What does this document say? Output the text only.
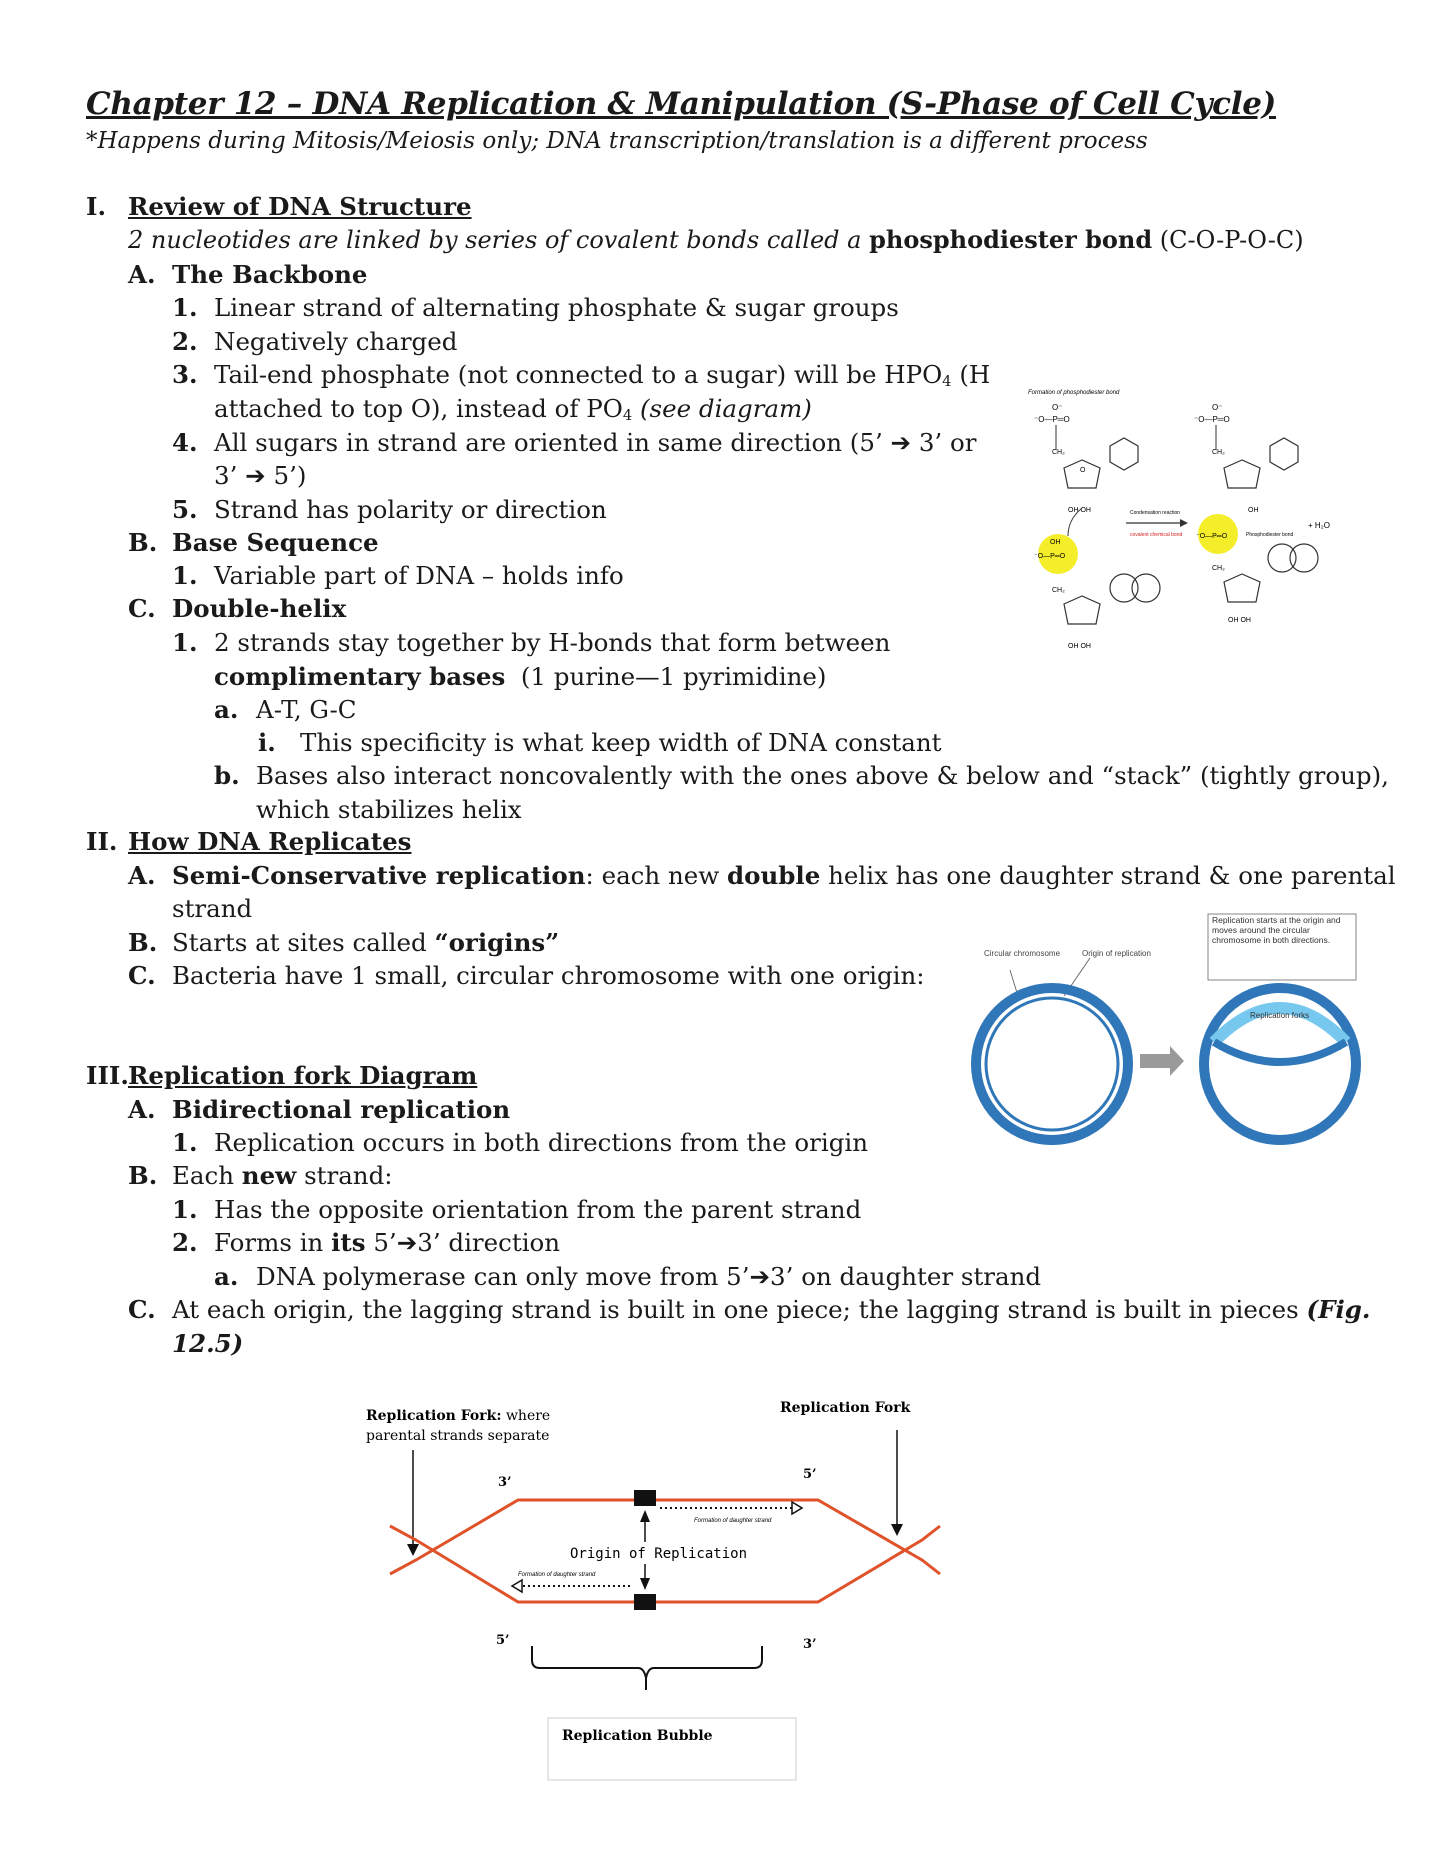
Chapter 12 – DNA Replication & Manipulation (S-Phase of Cell Cycle)
*Happens during Mitosis/Meiosis only; DNA transcription/translation is a different process
I. Review of DNA Structure
2 nucleotides are linked by series of covalent bonds called a phosphodiester bond (C-O-P-O-C)
A. The Backbone
1. Linear strand of alternating phosphate & sugar groups
2. Negatively charged
3. Tail-end phosphate (not connected to a sugar) will be $HPO_4$ (H
attached to top O), instead of $PO_4$ (see diagram)
4. All sugars in strand are oriented in same direction (5’ ➔ 3’ or
3’ ➔ 5’)
5. Strand has polarity or direction
B. Base Sequence
1. Variable part of DNA – holds info
C. Double-helix
1. 2 strands stay together by H-bonds that form between
complimentary bases  (1 purine—1 pyrimidine)
a. A-T, G-C
i. This specificity is what keep width of DNA constant
b. Bases also interact noncovalently with the ones above & below and “stack” (tightly group),
which stabilizes helix
II. How DNA Replicates
A. Semi-Conservative replication: each new double helix has one daughter strand & one parental
strand
B. Starts at sites called “origins”
C. Bacteria have 1 small, circular chromosome with one origin:
III. Replication fork Diagram
A. Bidirectional replication
1. Replication occurs in both directions from the origin
B. Each new strand:
1. Has the opposite orientation from the parent strand
2. Forms in its 5’➔3’ direction
a. DNA polymerase can only move from 5’➔3’ on daughter strand
C. At each origin, the lagging strand is built in one piece; the lagging strand is built in pieces (Fig.
12.5)
Formation of phosphodiester bond
O⁻
⁻O—P═O
CH₂
O
OH OH
OH
⁻O—P═O
CH₂
OH OH
Condensation reaction
covalent chemical bond
O⁻
⁻O—P═O
CH₂
OH
⁻O—P═O	Phosphodiester bond
+ H₂O
CH₂
OH OH
Circular chromosome	Origin of replication
Replication starts at the origin and moves around the circular chromosome in both directions.
Replication forks
Replication Fork: where
parental strands separate
Replication Fork
3’
5’
5’	3’
Formation of daughter strand
Formation of daughter strand
Origin of Replication
Replication Bubble
